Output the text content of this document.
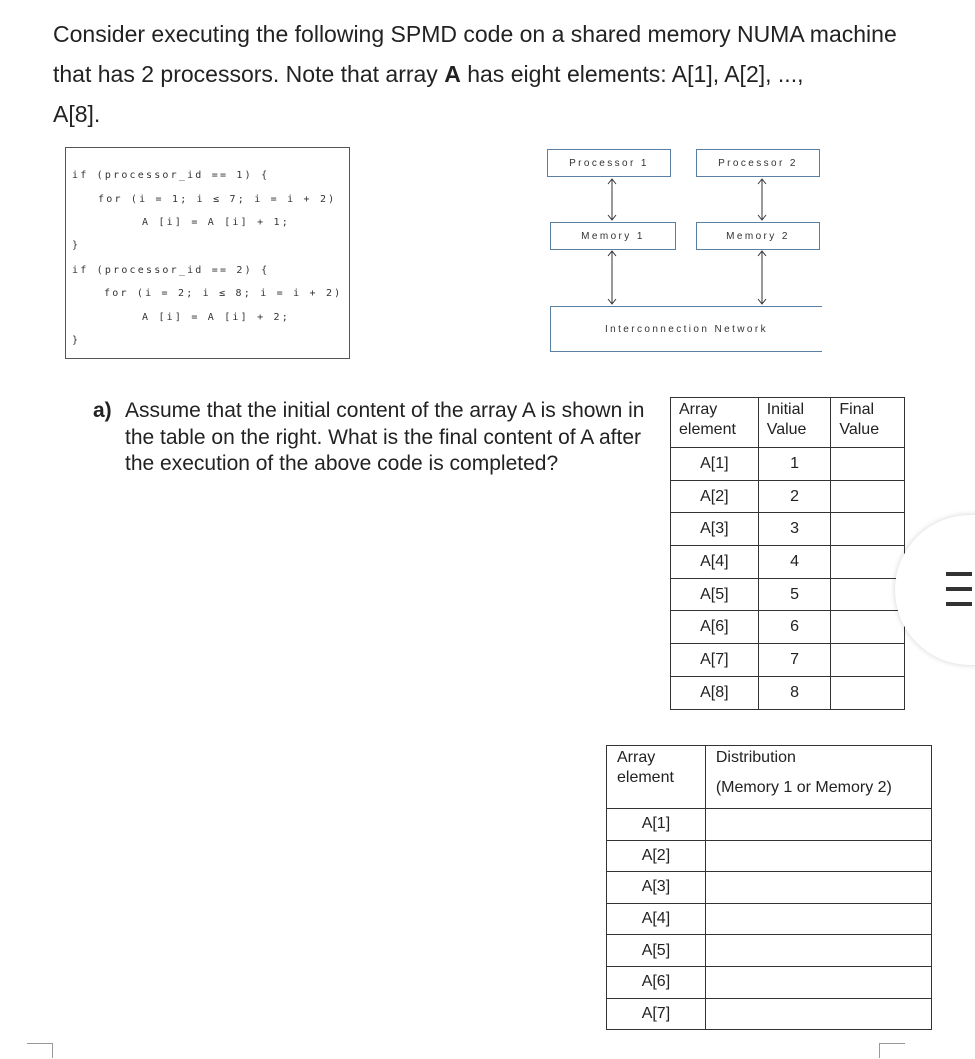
Consider executing the following SPMD code on a shared memory NUMA machine that has 2 processors. Note that array A has eight elements: A[1], A[2], ...,
A[8].

if (processor_id == 1) {
for (i = 1; i ≤ 7; i = i + 2)
A [i] = A [i] + 1;
}
if (processor_id == 2) {
for (i = 2; i ≤ 8; i = i + 2)
A [i] = A [i] + 2;
}
Processor 1	Processor 2
Memory 1	Memory 2
Interconnection Network
a) Assume that the initial content of the array A is shown in the table on the right. What is the final content of A after the execution of the above code is completed?
Array element	Initial Value	Final Value
A[1]	1	
A[2]	2	
A[3]	3	
A[4]	4	
A[5]	5	
A[6]	6	
A[7]	7	
A[8]	8	
Array element	Distribution
(Memory 1 or Memory 2)

A[1]	
A[2]	
A[3]	
A[4]	
A[5]	
A[6]	
A[7]	
